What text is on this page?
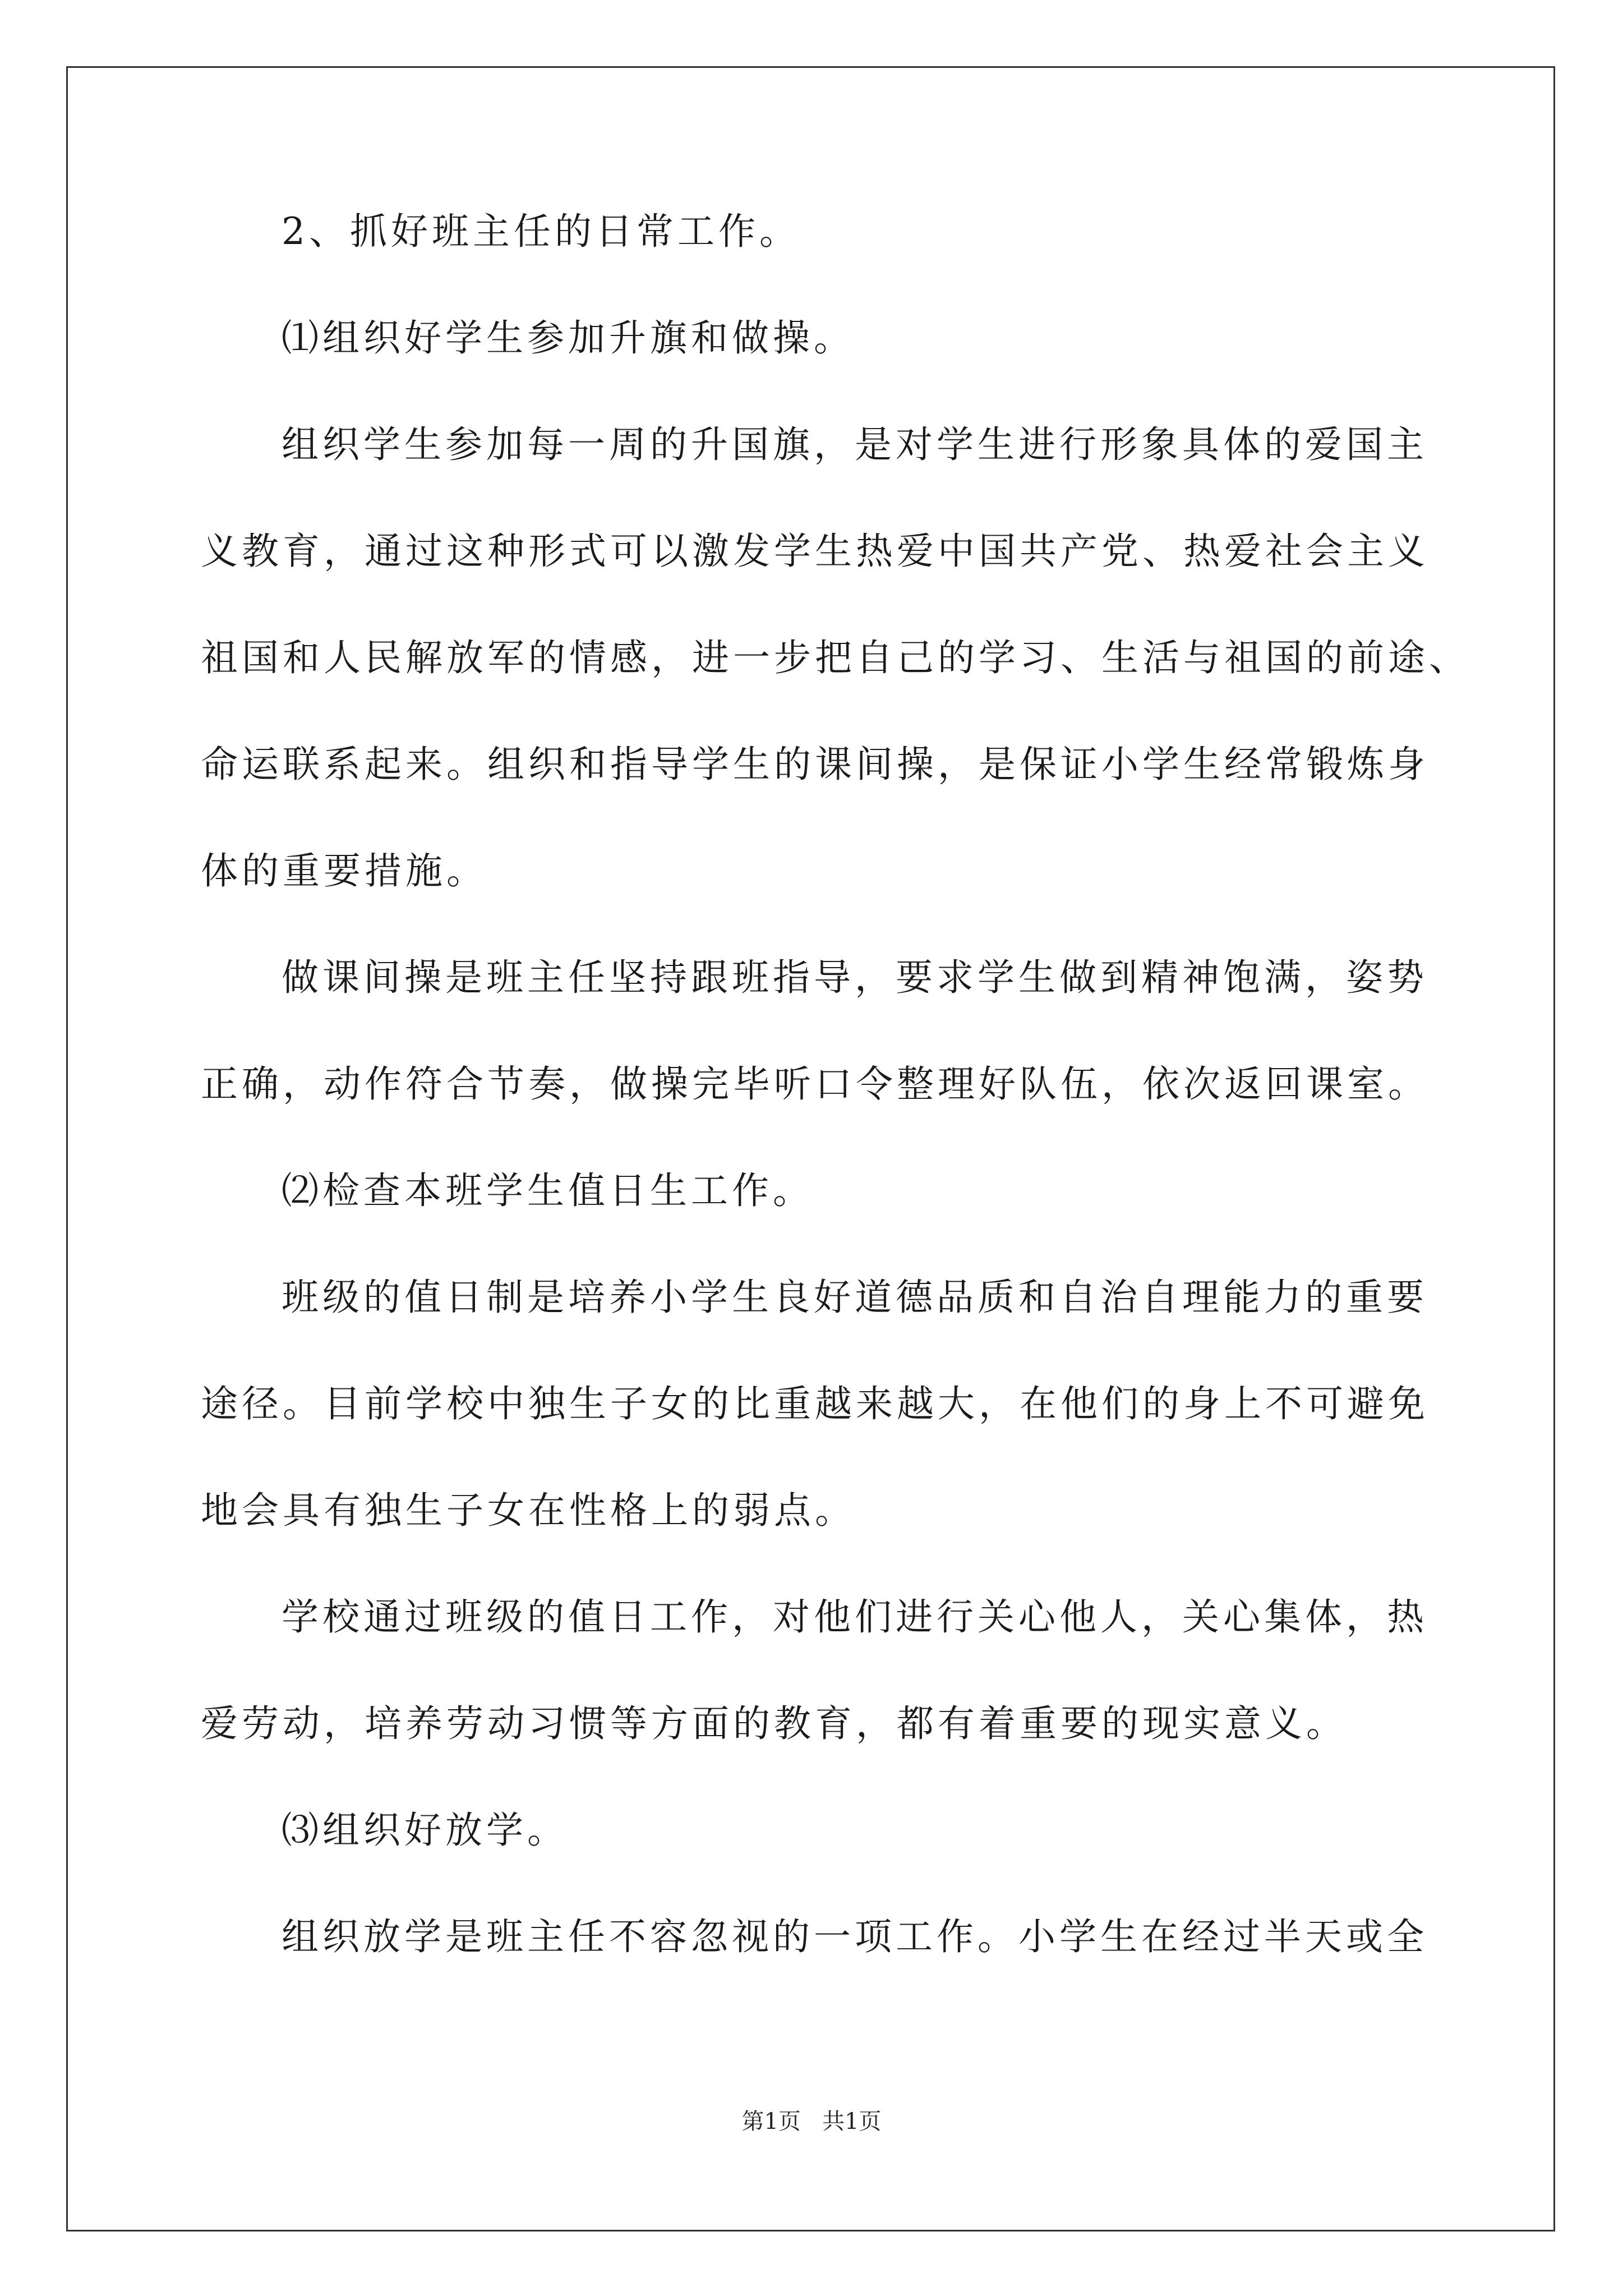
2、抓好班主任的日常工作。
⑴组织好学生参加升旗和做操。
组织学生参加每一周的升国旗，是对学生进行形象具体的爱国主
义教育，通过这种形式可以激发学生热爱中国共产党、热爱社会主义
祖国和人民解放军的情感，进一步把自己的学习、生活与祖国的前途、
命运联系起来。组织和指导学生的课间操，是保证小学生经常锻炼身
体的重要措施。
做课间操是班主任坚持跟班指导，要求学生做到精神饱满，姿势
正确，动作符合节奏，做操完毕听口令整理好队伍，依次返回课室。
⑵检查本班学生值日生工作。
班级的值日制是培养小学生良好道德品质和自治自理能力的重要
途径。目前学校中独生子女的比重越来越大，在他们的身上不可避免
地会具有独生子女在性格上的弱点。
学校通过班级的值日工作，对他们进行关心他人，关心集体，热
爱劳动，培养劳动习惯等方面的教育，都有着重要的现实意义。
⑶组织好放学。
组织放学是班主任不容忽视的一项工作。小学生在经过半天或全
第1页   共1页
